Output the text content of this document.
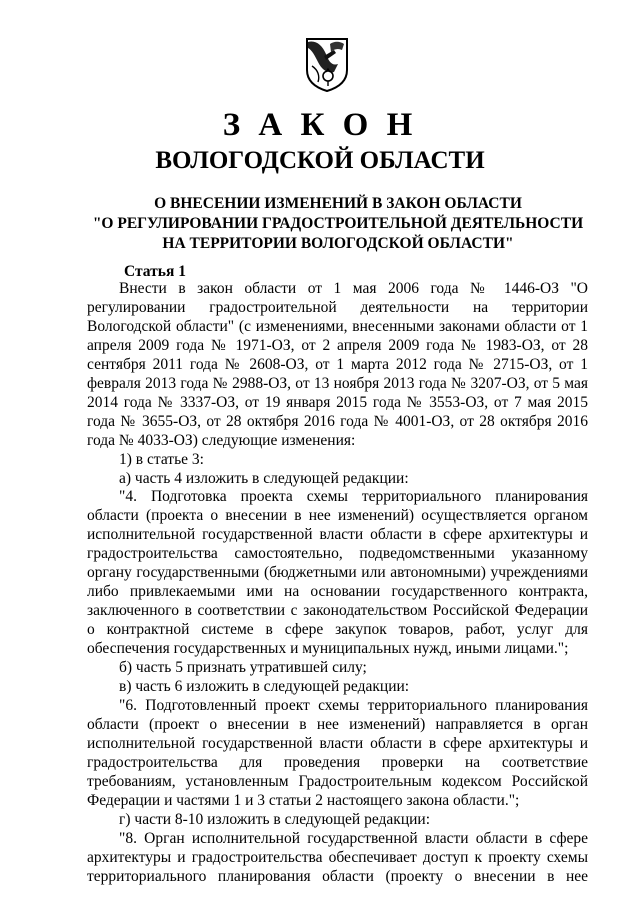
З А К О Н
ВОЛОГОДСКОЙ ОБЛАСТИ
О ВНЕСЕНИИ ИЗМЕНЕНИЙ В ЗАКОН ОБЛАСТИ
"О РЕГУЛИРОВАНИИ ГРАДОСТРОИТЕЛЬНОЙ ДЕЯТЕЛЬНОСТИ
НА ТЕРРИТОРИИ ВОЛОГОДСКОЙ ОБЛАСТИ"
Статья 1

Внести в закон области от 1 мая 2006 года № 1446-ОЗ "О регулировании градостроительной деятельности на территории Вологодской области" (с изменениями, внесенными законами области от 1 апреля 2009 года № 1971-ОЗ, от 2 апреля 2009 года № 1983-ОЗ, от 28 сентября 2011 года № 2608-ОЗ, от 1 марта 2012 года № 2715-ОЗ, от 1 февраля 2013 года № 2988-ОЗ, от 13 ноября 2013 года № 3207-ОЗ, от 5 мая 2014 года № 3337-ОЗ, от 19 января 2015 года № 3553-ОЗ, от 7 мая 2015 года № 3655-ОЗ, от 28 октября 2016 года № 4001-ОЗ, от 28 октября 2016 года № 4033-ОЗ) следующие изменения:

1) в статье 3:

а) часть 4 изложить в следующей редакции:

"4. Подготовка проекта схемы территориального планирования области (проекта о внесении в нее изменений) осуществляется органом исполнительной государственной власти области в сфере архитектуры и градостроительства самостоятельно, подведомственными указанному органу государственными (бюджетными или автономными) учреждениями либо привлекаемыми ими на основании государственного контракта, заключенного в соответствии с законодательством Российской Федерации о контрактной системе в сфере закупок товаров, работ, услуг для обеспечения государственных и муниципальных нужд, иными лицами.";

б) часть 5 признать утратившей силу;

в) часть 6 изложить в следующей редакции:

"6. Подготовленный проект схемы территориального планирования области (проект о внесении в нее изменений) направляется в орган исполнительной государственной власти области в сфере архитектуры и градостроительства для проведения проверки на соответствие требованиям, установленным Градостроительным кодексом Российской Федерации и частями 1 и 3 статьи 2 настоящего закона области.";

г) части 8-10 изложить в следующей редакции:

"8. Орган исполнительной государственной власти области в сфере архитектуры и градостроительства обеспечивает доступ к проекту схемы территориального планирования области (проекту о внесении в нее
